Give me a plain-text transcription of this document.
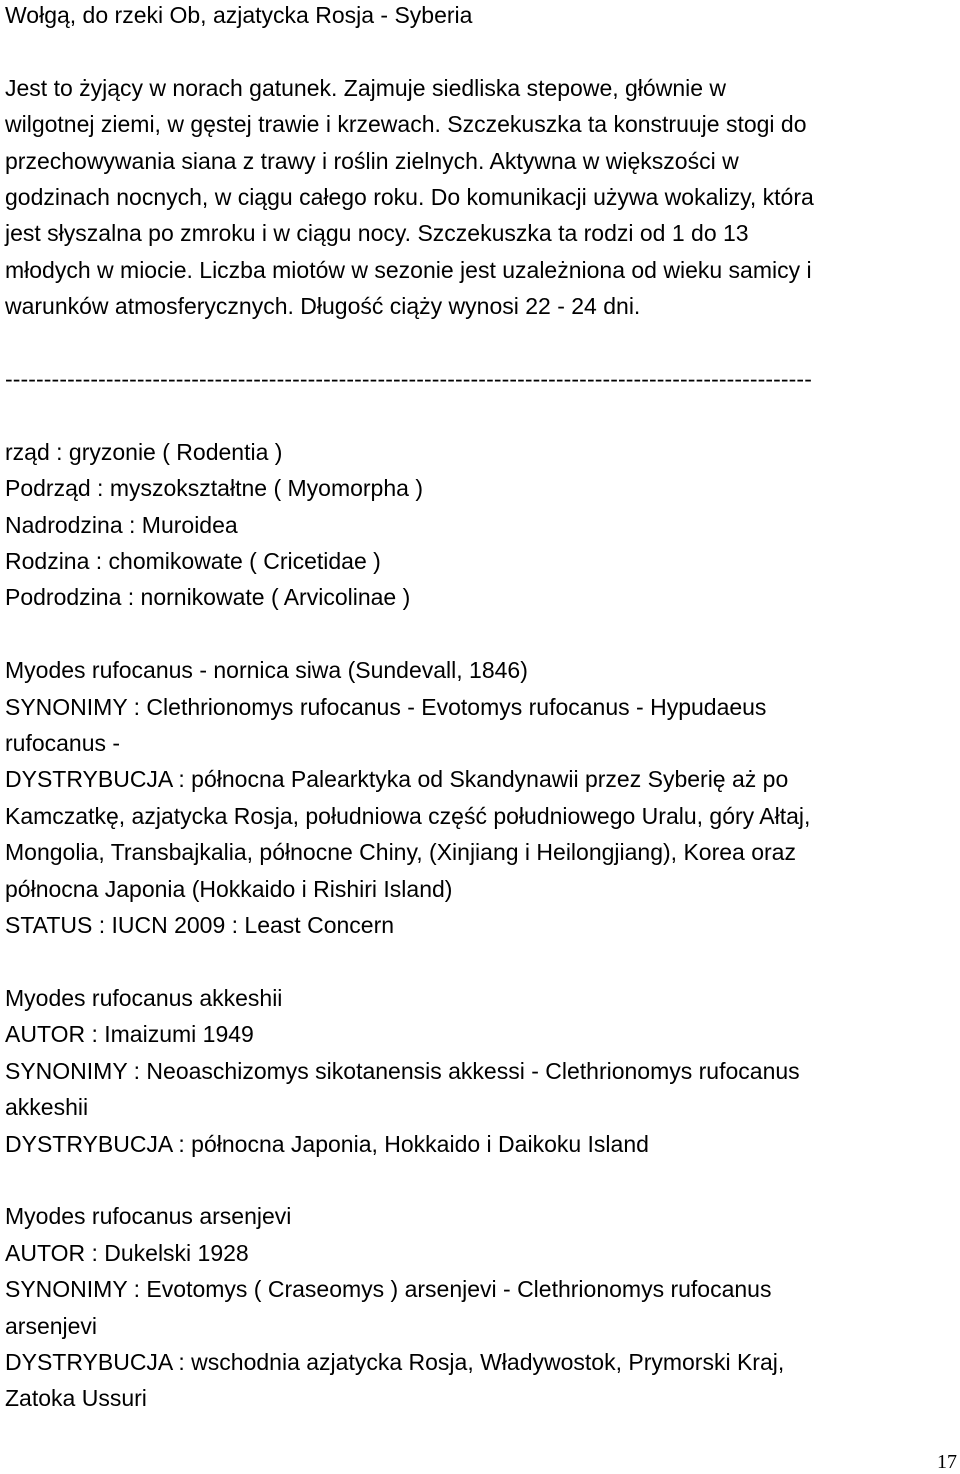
Wołgą, do rzeki Ob, azjatycka Rosja - Syberia
Jest to żyjący w norach gatunek. Zajmuje siedliska stepowe, głównie w
wilgotnej ziemi, w gęstej trawie i krzewach. Szczekuszka ta konstruuje stogi do
przechowywania siana z trawy i roślin zielnych. Aktywna w większości w
godzinach nocnych, w ciągu całego roku. Do komunikacji używa wokalizy, która
jest słyszalna po zmroku i w ciągu nocy. Szczekuszka ta rodzi od 1 do 13
młodych w miocie. Liczba miotów w sezonie jest uzależniona od wieku samicy i
warunków atmosferycznych. Długość ciąży wynosi 22 - 24 dni.
--------------------------------------------------------------------------------------------------------
rząd : gryzonie ( Rodentia )
Podrząd : myszokształtne ( Myomorpha )
Nadrodzina : Muroidea
Rodzina : chomikowate ( Cricetidae )
Podrodzina : nornikowate ( Arvicolinae )
Myodes rufocanus - nornica siwa (Sundevall, 1846)
SYNONIMY : Clethrionomys rufocanus - Evotomys rufocanus - Hypudaeus
rufocanus -
DYSTRYBUCJA : północna Palearktyka od Skandynawii przez Syberię aż po
Kamczatkę, azjatycka Rosja, południowa część południowego Uralu, góry Ałtaj,
Mongolia, Transbajkalia, północne Chiny, (Xinjiang i Heilongjiang), Korea oraz
północna Japonia (Hokkaido i Rishiri Island)
STATUS : IUCN 2009 : Least Concern
Myodes rufocanus akkeshii
AUTOR : Imaizumi 1949
SYNONIMY : Neoaschizomys sikotanensis akkessi - Clethrionomys rufocanus
akkeshii
DYSTRYBUCJA : północna Japonia, Hokkaido i Daikoku Island
Myodes rufocanus arsenjevi
AUTOR : Dukelski 1928
SYNONIMY : Evotomys ( Craseomys ) arsenjevi - Clethrionomys rufocanus
arsenjevi
DYSTRYBUCJA : wschodnia azjatycka Rosja, Władywostok, Prymorski Kraj,
Zatoka Ussuri
17
